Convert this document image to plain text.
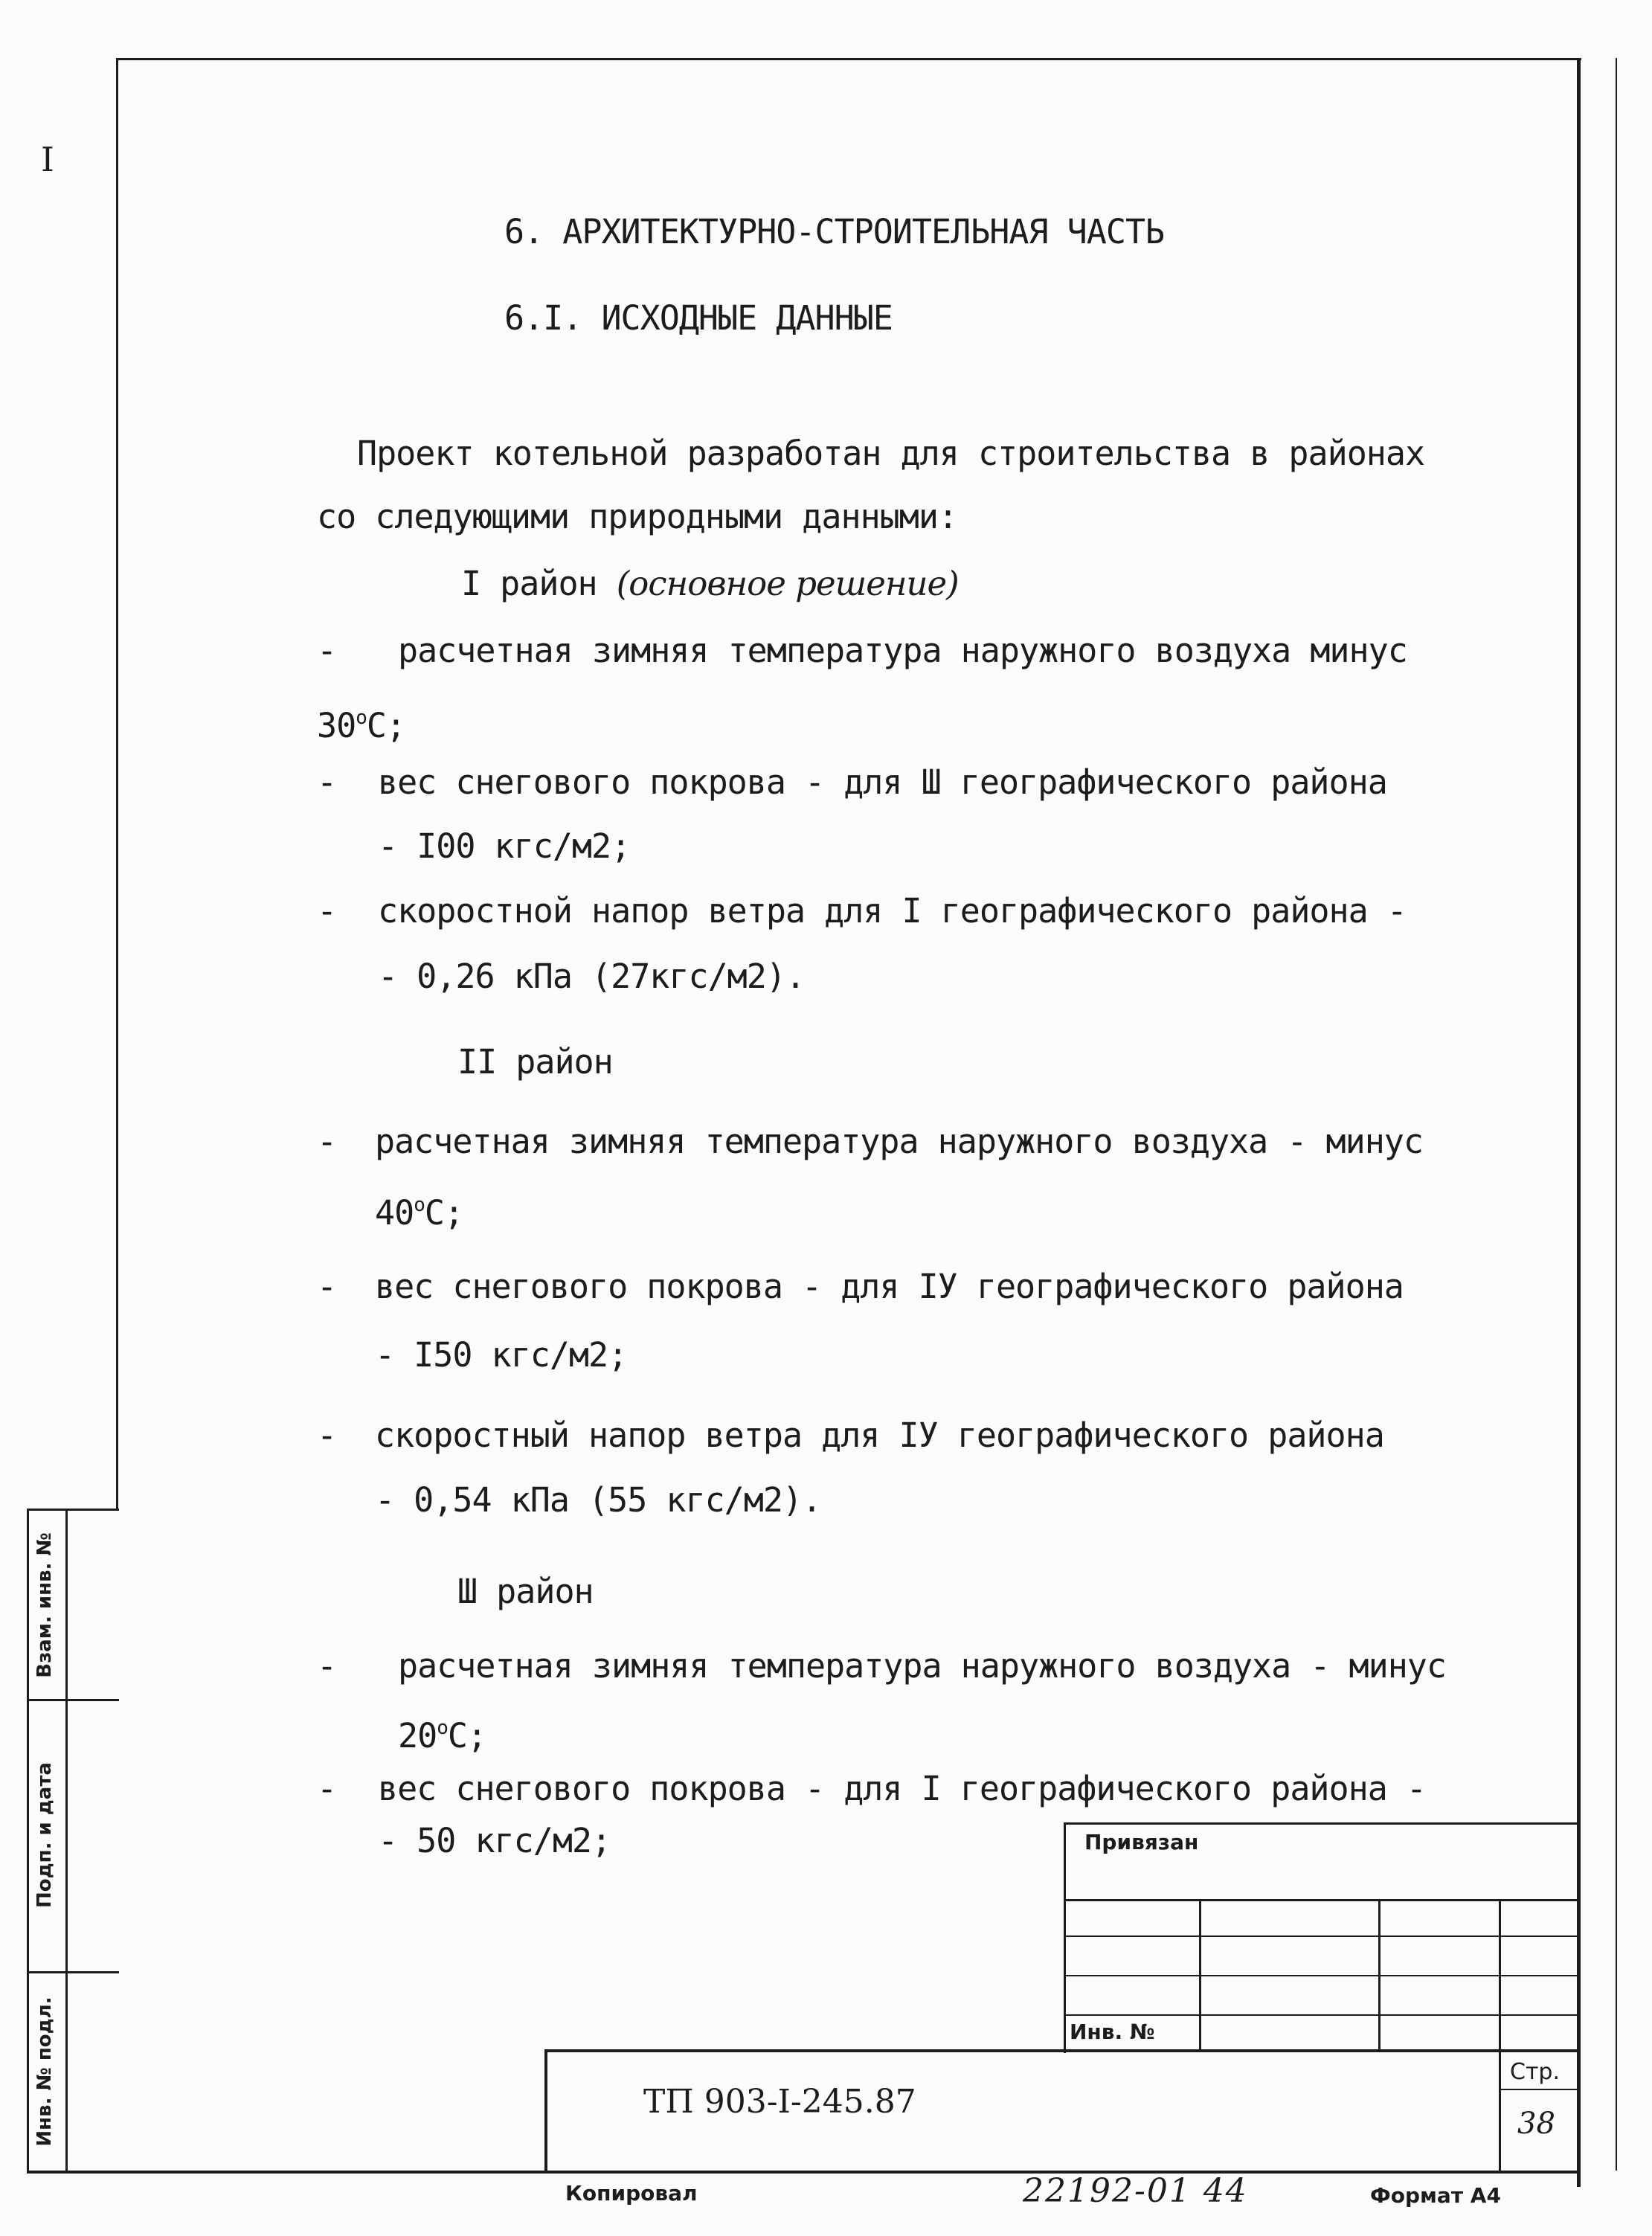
I
6. АРХИТЕКТУРНО-СТРОИТЕЛЬНАЯ ЧАСТЬ
6.I. ИСХОДНЫЕ ДАННЫЕ
Проект котельной разработан для строительства в районах
со следующими природными данными:
I район (основное решение)
- расчетная зимняя температура наружного воздуха минус
30$^o$С;
- вес снегового покрова - для Ш географического района
- I00 кгс/м2;
- скоростной напор ветра для I географического района -
- 0,26 кПа (27кгс/м2).
II район
- расчетная зимняя температура наружного воздуха - минус
40$^o$С;
- вес снегового покрова - для IУ географического района
- I50 кгс/м2;
- скоростный напор ветра для IУ географического района
- 0,54 кПа (55 кгс/м2).
Ш район
- расчетная зимняя температура наружного воздуха - минус
20$^o$С;
- вес снегового покрова - для I географического района -
- 50 кгс/м2;	Привязан
Инв. №
ТП 903-I-245.87
Стр.
38
Взам. инв. №
Подп. и дата
Инв. № подл.
Копировал	22192-01 44	Формат А4
